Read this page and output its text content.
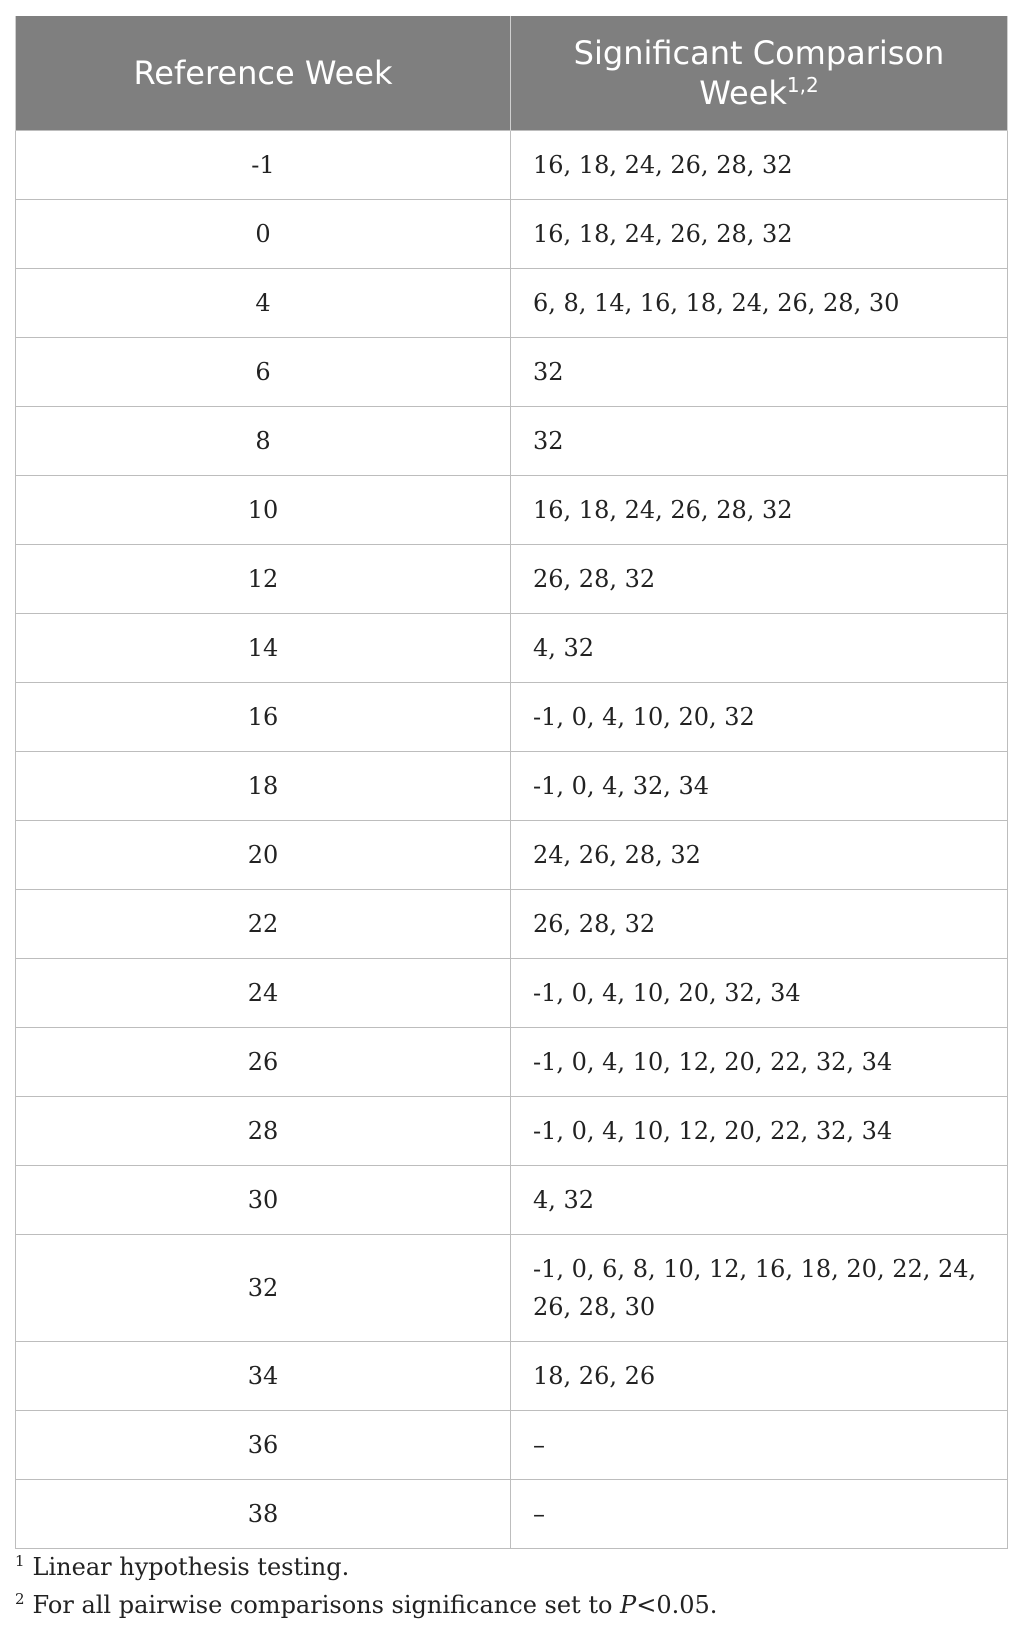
Reference Week	Significant Comparison Week$^{1,2}$
-1	16, 18, 24, 26, 28, 32
0	16, 18, 24, 26, 28, 32
4	6, 8, 14, 16, 18, 24, 26, 28, 30
6	32
8	32
10	16, 18, 24, 26, 28, 32
12	26, 28, 32
14	4, 32
16	-1, 0, 4, 10, 20, 32
18	-1, 0, 4, 32, 34
20	24, 26, 28, 32
22	26, 28, 32
24	-1, 0, 4, 10, 20, 32, 34
26	-1, 0, 4, 10, 12, 20, 22, 32, 34
28	-1, 0, 4, 10, 12, 20, 22, 32, 34
30	4, 32
32	-1, 0, 6, 8, 10, 12, 16, 18, 20, 22, 24, 26, 28, 30
34	18, 26, 26
36	–
38	–
$^1$ Linear hypothesis testing.
$^2$ For all pairwise comparisons significance set to P<0.05.
